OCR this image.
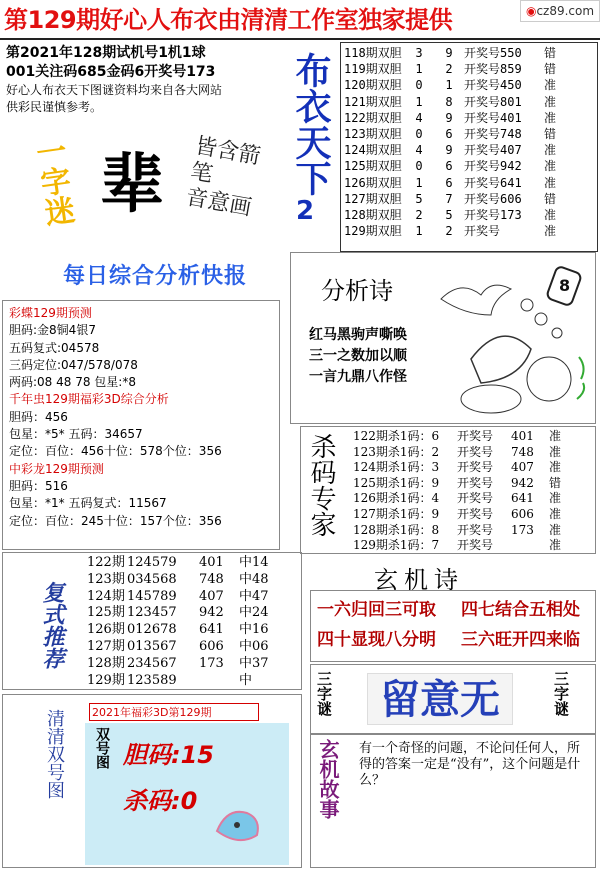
第129期好心人布衣由清清工作室独家提供	◉cz89.com
第2021年128期试机号1机1球
001关注码685金码6开奖号173
好心人布衣天下图谜资料均来自各大网站
供彩民谨慎参考。
一字迷 辈 皆含箭笔
音意画
布衣天下
2
118期双胆	3	9 开奖号550	错
119期双胆	1	2 开奖号859	错
120期双胆	0	1 开奖号450	准
121期双胆	1	8 开奖号801	准
122期双胆	4	9 开奖号401	准
123期双胆	0	6 开奖号748	错
124期双胆	4	9 开奖号407	准
125期双胆	0	6 开奖号942	准
126期双胆	1	6 开奖号641	准
127期双胆	5	7 开奖号606	错
128期双胆	2	5 开奖号173	准
129期双胆	1	2 开奖号	准
每日综合分析快报
彩蝶129期预测
胆码:金8铜4银7
五码复式:04578
三码定位:047/578/078
两码:08 48 78 包星:*8
千年虫129期福彩3D综合分析
胆码：456
包星：*5* 五码：34657
定位：百位：456十位：578个位：356
中彩龙129期预测
胆码：516
包星：*1* 五码复式：11567
定位：百位：245十位：157个位：356
分析诗
红马黑驹声嘶唤
三一之数加以顺
一言九鼎八作怪
8
杀码专家 122期杀1码：6	开奖号	401	准
123期杀1码：2	开奖号	748	准
124期杀1码：3	开奖号	407	准
125期杀1码：9	开奖号	942	错
126期杀1码：4	开奖号	641	准
127期杀1码：9	开奖号	606	准
128期杀1码：8	开奖号	173	准
129期杀1码：7	开奖号	准
复式推荐
122期 124579	401	中14
123期 034568	748	中48
124期 145789	407	中47
125期 123457	942	中24
126期 012678	641	中16
127期 013567	606	中06
128期 234567	173	中37
129期 123589	中
玄机诗
一六归回三可取 四七结合五相处
四十显现八分明 三六旺开四来临
清清双号图 2021年福彩3D第129期
双号图 胆码:15
杀码:0
三字谜	留意无	三字谜
玄机故事 有一个奇怪的问题，不论问任何人，所得的答案一定是“没有”，这个问题是什么？
